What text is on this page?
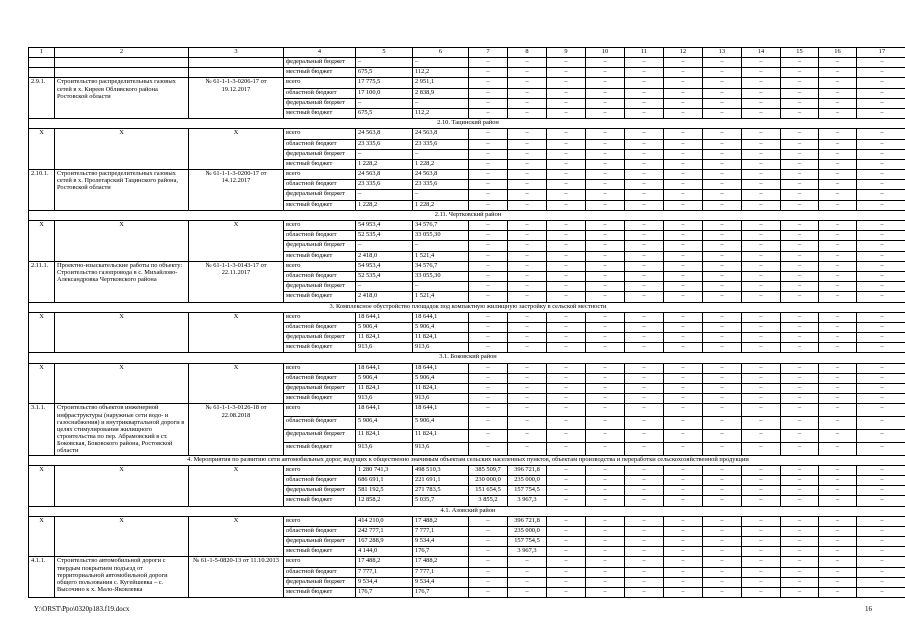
1	2	3	4	5	6	7	8	9	10	11	12	13	14	15	16	17
			федеральный бюджет	–	–	–	–	–	–	–	–	–	–	–	–	–
			местный бюджет	675,5	112,2	–	–	–	–	–	–	–	–	–	–	–
2.9.1.	Строительство распределительных газовых сетей в х. Киреев Обливского района Ростовской области	№ 61-1-1-3-0206-17 от 19.12.2017	всего	17 775,5	2 951,1	–	–	–	–	–	–	–	–	–	–	–
			областной бюджет	17 100,0	2 838,9	–	–	–	–	–	–	–	–	–	–	–
			федеральный бюджет	–	–	–	–	–	–	–	–	–	–	–	–	–
			местный бюджет	675,5	112,2	–	–	–	–	–	–	–	–	–	–	–
2.10. Тацинский район																
Х	Х	Х	всего	24 563,8	24 563,8	–	–	–	–	–	–	–	–	–	–	–
			областной бюджет	23 335,6	23 335,6	–	–	–	–	–	–	–	–	–	–	–
			федеральный бюджет	–	–	–	–	–	–	–	–	–	–	–	–	–
			местный бюджет	1 228,2	1 228,2	–	–	–	–	–	–	–	–	–	–	–
2.10.1.	Строительство распределительных газовых сетей в х. Пролетарский Тацинского района, Ростовской области	№ 61-1-1-3-0200-17 от 14.12.2017	всего	24 563,8	24 563,8	–	–	–	–	–	–	–	–	–	–	–
			областной бюджет	23 335,6	23 335,6	–	–	–	–	–	–	–	–	–	–	–
			федеральный бюджет	–	–	–	–	–	–	–	–	–	–	–	–	–
			местный бюджет	1 228,2	1 228,2	–	–	–	–	–	–	–	–	–	–	–
2.11. Чертковский район																
Х	Х	Х	всего	54 953,4	34 576,7	–	–	–	–	–	–	–	–	–	–	–
			областной бюджет	52 535,4	33 055,30	–	–	–	–	–	–	–	–	–	–	–
			федеральный бюджет	–	–	–	–	–	–	–	–	–	–	–	–	–
			местный бюджет	2 418,0	1 521,4	–	–	–	–	–	–	–	–	–	–	–
2.11.1.	Проектно-изыскательские работы по объекту: Строительство газопровода в с. Михайлово-Александровка Чертковского района	№ 61-1-1-3-0143-17 от 22.11.2017	всего	54 953,4	34 576,7	–	–	–	–	–	–	–	–	–	–	–
			областной бюджет	52 535,4	33 055,30	–	–	–	–	–	–	–	–	–	–	–
			федеральный бюджет	–	–	–	–	–	–	–	–	–	–	–	–	–
			местный бюджет	2 418,0	1 521,4	–	–	–	–	–	–	–	–	–	–	–
3. Комплексное обустройство площадок под компактную жилищную застройку в сельской местности																
Х	Х	Х	всего	18 644,1	18 644,1	–	–	–	–	–	–	–	–	–	–	–
			областной бюджет	5 906,4	5 906,4	–	–	–	–	–	–	–	–	–	–	–
			федеральный бюджет	11 824,1	11 824,1	–	–	–	–	–	–	–	–	–	–	–
			местный бюджет	913,6	913,6	–	–	–	–	–	–	–	–	–	–	–
3.1. Боковский район																
Х	Х	Х	всего	18 644,1	18 644,1	–	–	–	–	–	–	–	–	–	–	–
			областной бюджет	5 906,4	5 906,4	–	–	–	–	–	–	–	–	–	–	–
			федеральный бюджет	11 824,1	11 824,1	–	–	–	–	–	–	–	–	–	–	–
			местный бюджет	913,6	913,6	–	–	–	–	–	–	–	–	–	–	–
3.1.1.	Строительство объектов инженерной инфраструктуры (наружные сети водо- и газоснабжения) и внутриквартальной дороги в целях стимулирования жилищного строительства по пер. Абрамовский в ст. Боковская, Боковского района, Ростовской области	№ 61-1-1-3-0126-18 от 22.08.2018	всего	18 644,1	18 644,1	–	–	–	–	–	–	–	–	–	–	–
			областной бюджет	5 906,4	5 906,4	–	–	–	–	–	–	–	–	–	–	–
			федеральный бюджет	11 824,1	11 824,1	–	–	–	–	–	–	–	–	–	–	–
			местный бюджет	913,6	913,6	–	–	–	–	–	–	–	–	–	–	–
4. Мероприятия по развитию сети автомобильных дорог, ведущих к общественно значимым объектам сельских населенных пунктов, объектам производства и переработки сельскохозяйственной продукции																
Х	Х	Х	всего	1 280 741,3	498 510,3	385 509,7	396 721,8	–	–	–	–	–	–	–	–	–
			областной бюджет	686 691,1	221 691,1	230 000,0	235 000,0	–	–	–	–	–	–	–	–	–
			федеральный бюджет	581 192,5	271 783,5	151 654,5	157 754,5	–	–	–	–	–	–	–	–	–
			местный бюджет	12 858,2	5 035,7	3 855,2	3 967,3	–	–	–	–	–	–	–	–	–
4.1. Азовский район																
Х	Х	Х	всего	414 210,0	17 488,2	–	396 721,8	–	–	–	–	–	–	–	–	–
			областной бюджет	242 777,1	7 777,1	–	235 000,0	–	–	–	–	–	–	–	–	–
			федеральный бюджет	167 288,9	9 534,4	–	157 754,5	–	–	–	–	–	–	–	–	–
			местный бюджет	4 144,0	176,7	–	3 967,3	–	–	–	–	–	–	–	–	–
4.1.1.	Строительство автомобильной дороги с твердым покрытием подъезд от территориальной автомобильной дороги общего пользования с. Кугейшевка – с. Высочино к х. Мало-Яковлевка	№ 61-1-5-0820-13 от 11.10.2013	всего	17 488,2	17 488,2	–	–	–	–	–	–	–	–	–	–	–
			областной бюджет	7 777,1	7 777,1	–	–	–	–	–	–	–	–	–	–	–
			федеральный бюджет	9 534,4	9 534,4	–	–	–	–	–	–	–	–	–	–	–
			местный бюджет	176,7	176,7	–	–	–	–	–	–	–	–	–	–	–
Y:\ORST\Ppo\0320p183.f19.docx	16
